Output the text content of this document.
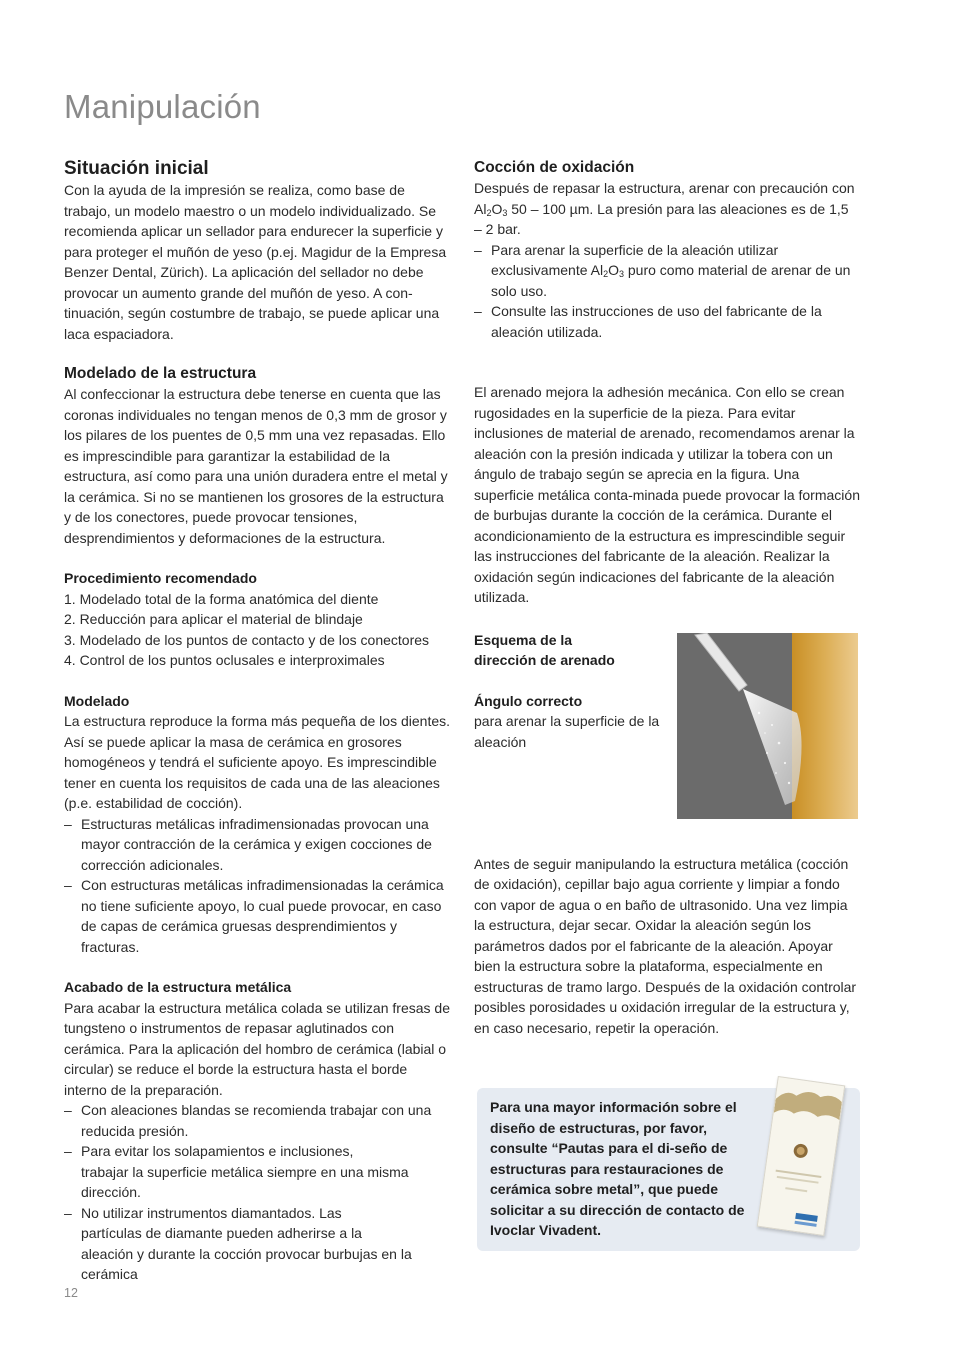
Manipulación
Situación inicial

Con la ayuda de la impresión se realiza, como base de trabajo, un modelo maestro o un modelo individualizado. Se recomienda aplicar un sellador para endurecer la superficie y para proteger el muñón de yeso (p.ej. Magidur de la Empresa Benzer Dental, Zürich). La aplicación del sellador no debe provocar un aumento grande del muñón de yeso. A con-tinuación, según costumbre de trabajo, se puede aplicar una laca espaciadora.

Modelado de la estructura

Al confeccionar la estructura debe tenerse en cuenta que las coronas individuales no tengan menos de 0,3 mm de grosor y los pilares de los puentes de 0,5 mm una vez repasadas. Ello es imprescindible para garantizar la estabilidad de la estructura, así como para una unión duradera entre el metal y la cerámica. Si no se mantienen los grosores de la estructura y de los conectores, puede provocar tensiones, desprendimientos y deformaciones de la estructura.

Procedimiento recomendado
1. Modelado total de la forma anatómica del diente
2. Reducción para aplicar el material de blindaje
3. Modelado de los puntos de contacto y de los conectores
4. Control de los puntos oclusales e interproximales
Modelado

La estructura reproduce la forma más pequeña de los dientes. Así se puede aplicar la masa de cerámica en grosores homogéneos y tendrá el suficiente apoyo. Es imprescindible tener en cuenta los requisitos de cada una de las aleaciones (p.e. estabilidad de cocción).

– Estructuras metálicas infradimensionadas provocan una mayor contracción de la cerámica y exigen cocciones de corrección adicionales.
– Con estructuras metálicas infradimensionadas la cerámica no tiene suficiente apoyo, lo cual puede provocar, en caso de capas de cerámica gruesas desprendimientos y
fracturas.
Acabado de la estructura metálica

Para acabar la estructura metálica colada se utilizan fresas de tungsteno o instrumentos de repasar aglutinados con cerámica. Para la aplicación del hombro de cerámica (labial o circular) se reduce el borde la estructura hasta el borde interno de la preparación.

– Con aleaciones blandas se recomienda trabajar con una reducida presión.
– Para evitar los solapamientos e inclusiones,
trabajar la superficie metálica siempre en una misma dirección.
– No utilizar instrumentos diamantados. Las
partículas de diamante pueden adherirse a la
aleación y durante la cocción provocar burbujas en la cerámica
Cocción de oxidación

Después de repasar la estructura, arenar con precaución con $Al_2O_3$ 50 – 100 µm. La presión para las aleaciones es de 1,5 – 2 bar.

– Para arenar la superficie de la aleación utilizar exclusivamente $Al_2O_3$ puro como material de arenar de un solo uso.
– Consulte las instrucciones de uso del fabricante de la aleación utilizada.

El arenado mejora la adhesión mecánica. Con ello se crean rugosidades en la superficie de la pieza. Para evitar inclusiones de material de arenado, recomendamos arenar la aleación con la presión indicada y utilizar la tobera con un ángulo de trabajo según se aprecia en la figura. Una superficie metálica conta-minada puede provocar la formación de burbujas durante la cocción de la cerámica. Durante el acondicionamiento de la estructura es imprescindible seguir las instrucciones del fabricante de la aleación. Realizar la oxidación según indicaciones del fabricante de la aleación utilizada.

Esquema de la
dirección de arenado
Ángulo correcto
para arenar la superficie de la aleación

Antes de seguir manipulando la estructura metálica (cocción de oxidación), cepillar bajo agua corriente y limpiar a fondo con vapor de agua o en baño de ultrasonido. Una vez limpia la estructura, dejar secar. Oxidar la aleación según los parámetros dados por el fabricante de la aleación. Apoyar bien la estructura sobre la plataforma, especialmente en estructuras de tramo largo. Después de la oxidación controlar posibles porosidades u oxidación irregular de la estructura y, en caso necesario, repetir la operación.

Para una mayor información sobre el diseño de estructuras, por favor, consulte “Pautas para el di-seño de estructuras para restauraciones de cerámica sobre metal”, que puede solicitar a su dirección de contacto de Ivoclar Vivadent.
12
